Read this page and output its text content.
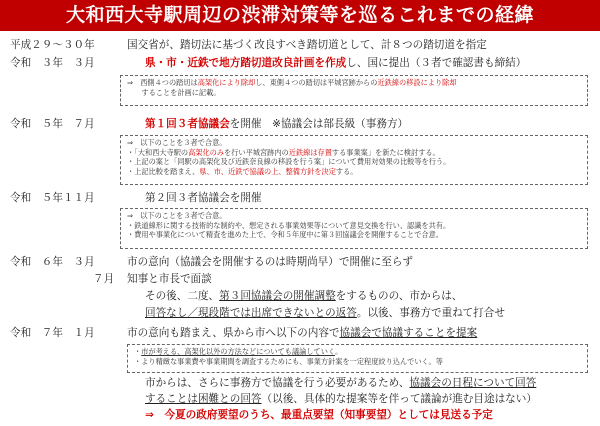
大和西大寺駅周辺の渋滞対策等を巡るこれまでの経緯
平成２９～３０年	国交省が、踏切法に基づく改良すべき踏切道として、計８つの踏切道を指定
令和　３年　３月	県・市・近鉄で地方踏切道改良計画を作成し、国に提出（３者で確認書も締結）
⇒　西側４つの踏切は高架化により除却し、東側４つの踏切は平城宮跡からの近鉄線の移設により除却
　　することを計画に記載。
令和　５年　７月	第１回３者協議会を開催　※協議会は部長級（事務方）
⇒　以下のことを３者で合意。
・「大和西大寺駅の高架化のみを行い平城宮跡内の近鉄線は存置する事業案」を新たに検討する。
・上記の案と「同駅の高架化及び近鉄奈良線の移設を行う案」について費用対効果の比較等を行う。
・上記比較を踏まえ、県、市、近鉄で協議の上、整備方針を決定する。
令和　５年１１月	第２回３者協議会を開催
⇒　以下のことを３者で合意。
・鉄道線形に関する技術的な制約や、想定される事業効果等について意見交換を行い、認識を共有。
・費用や事業化について精査を進めた上で、令和５年度中に第３回協議会を開催することで合意。
令和　６年　３月	市の意向（協議会を開催するのは時期尚早）で開催に至らず
７月 知事と市長で面談
その後、二度、第３回協議会の開催調整をするものの、市からは、
回答なし／現段階では出席できないとの返答。以後、事務方で重ねて打合せ
令和　７年　１月	市の意向も踏まえ、県から市へ以下の内容で協議会で協議することを提案
・市が考える、高架化以外の方法などについても議論していく。
・より精緻な事業費や事業期間を調査するためにも、事業方針案を一定程度絞り込んでいく。等
市からは、さらに事務方で協議を行う必要があるため、協議会の日程について回答
することは困難との回答（以後、具体的な提案等を伴って議論が進む目途はない）
⇒　今夏の政府要望のうち、最重点要望（知事要望）としては見送る予定
